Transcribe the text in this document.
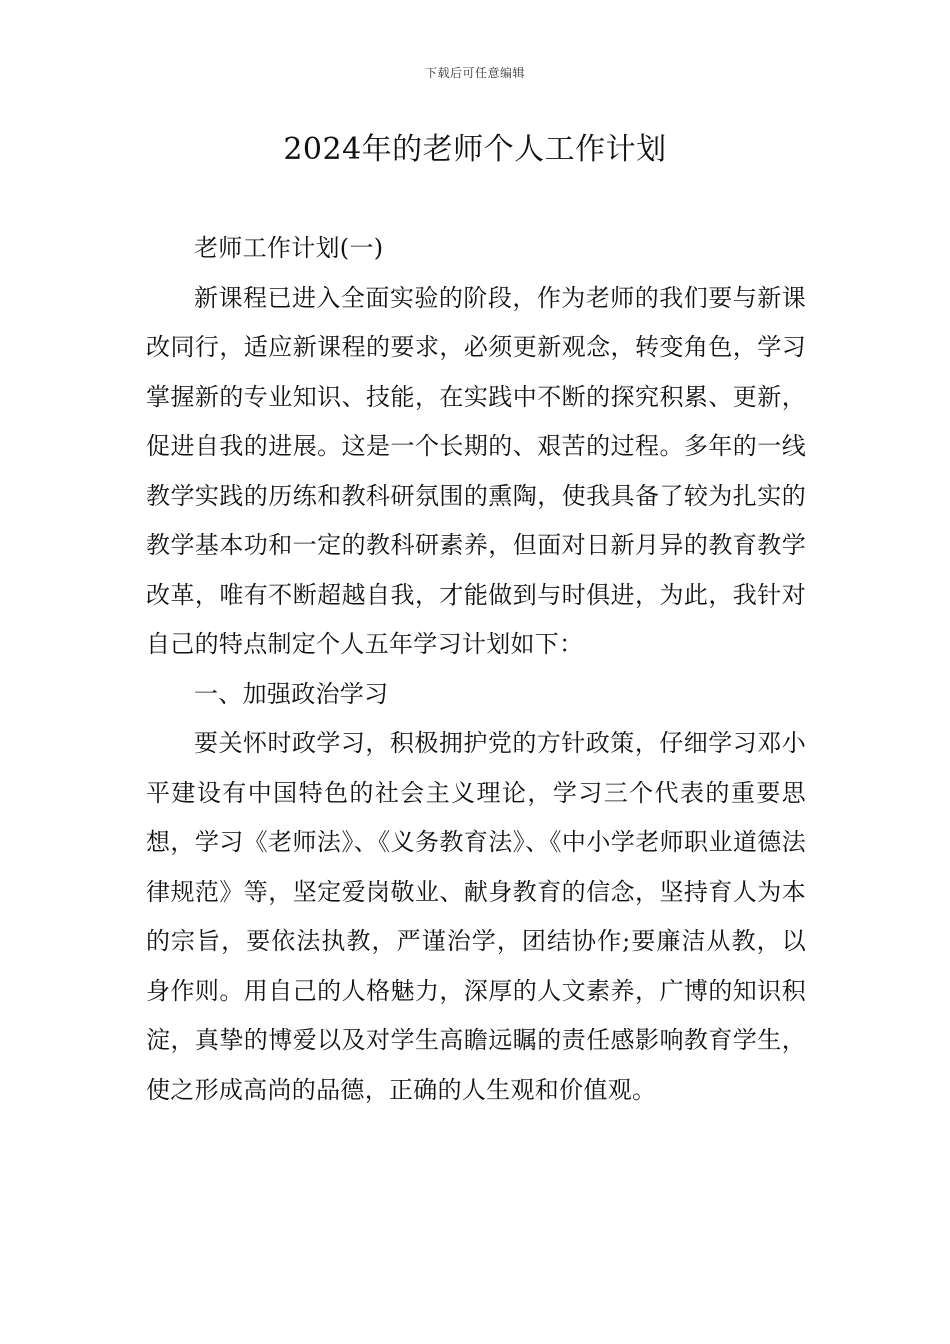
下载后可任意编辑
2024年的老师个人工作计划

老师工作计划(一)

新课程已进入全面实验的阶段，作为老师的我们要与新课改同行，适应新课程的要求，必须更新观念，转变角色，学习掌握新的专业知识、技能，在实践中不断的探究积累、更新，促进自我的进展。这是一个长期的、艰苦的过程。多年的一线教学实践的历练和教科研氛围的熏陶，使我具备了较为扎实的教学基本功和一定的教科研素养，但面对日新月异的教育教学改革，唯有不断超越自我，才能做到与时俱进，为此，我针对自己的特点制定个人五年学习计划如下：

一、加强政治学习

要关怀时政学习，积极拥护党的方针政策，仔细学习邓小平建设有中国特色的社会主义理论，学习三个代表的重要思想，学习《老师法》、《义务教育法》、《中小学老师职业道德法律规范》等，坚定爱岗敬业、献身教育的信念，坚持育人为本的宗旨，要依法执教，严谨治学，团结协作;要廉洁从教，以身作则。用自己的人格魅力，深厚的人文素养，广博的知识积淀，真挚的博爱以及对学生高瞻远瞩的责任感影响教育学生，使之形成高尚的品德，正确的人生观和价值观。
